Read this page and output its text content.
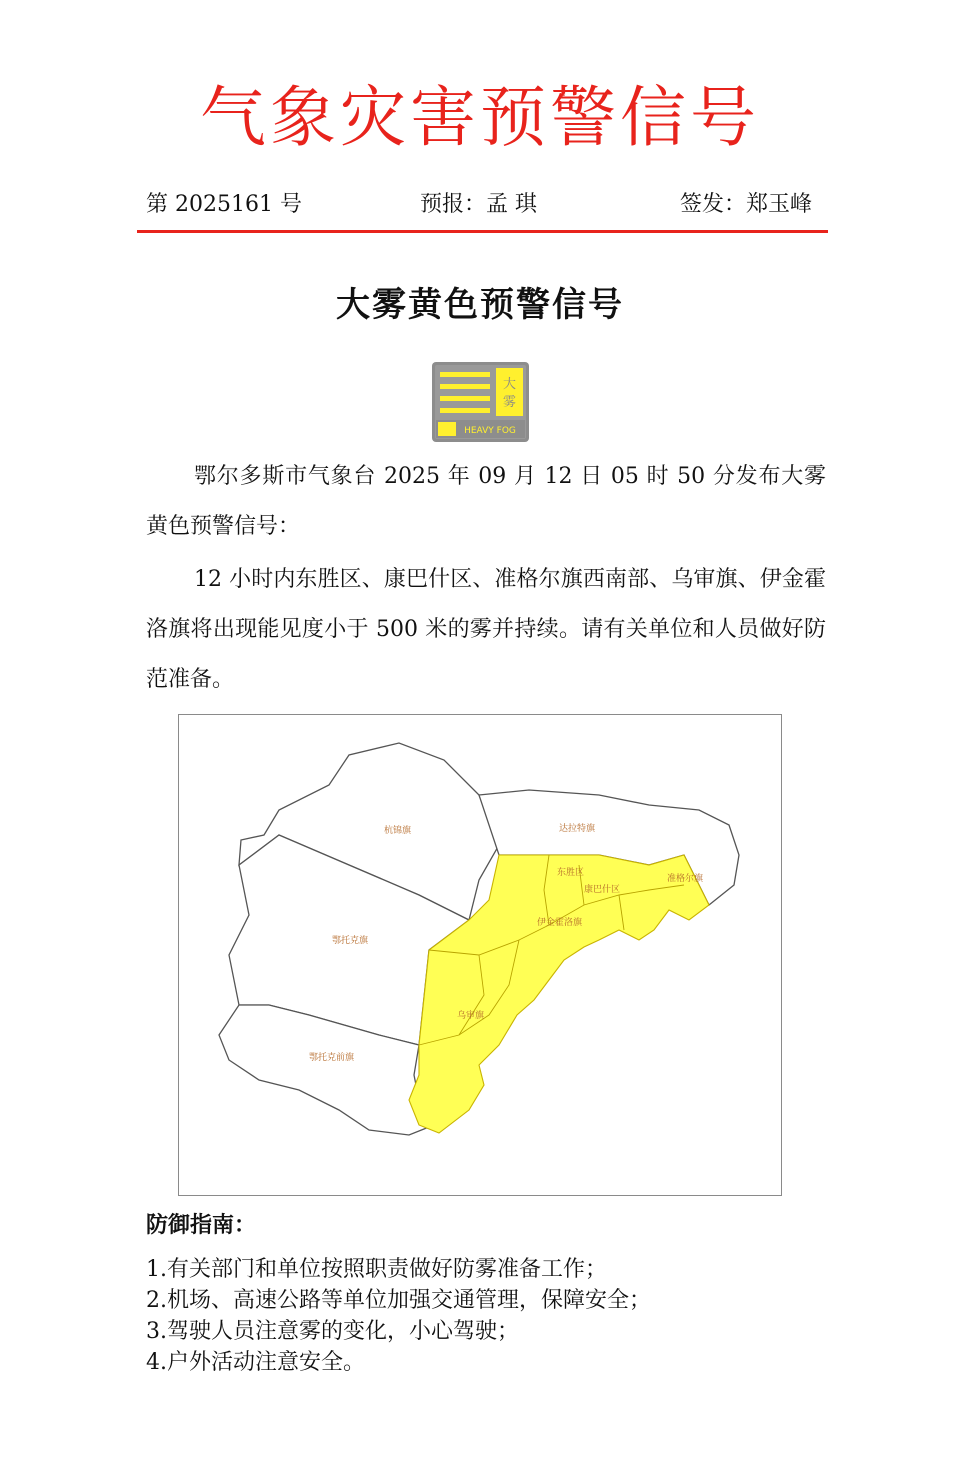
气象灾害预警信号
第 2025161 号	预报：孟 琪	签发：郑玉峰
大雾黄色预警信号
大
雾
HEAVY FOG

鄂尔多斯市气象台 2025 年 09 月 12 日 05 时 50 分发布大雾黄色预警信号：

12 小时内东胜区、康巴什区、准格尔旗西南部、乌审旗、伊金霍洛旗将出现能见度小于 500 米的雾并持续。请有关单位和人员做好防范准备。

杭锦旗	达拉特旗
鄂托克旗
鄂托克前旗
乌审旗
东胜区
康巴什区
伊金霍洛旗
准格尔旗
防御指南：
1.有关部门和单位按照职责做好防雾准备工作；
2.机场、高速公路等单位加强交通管理，保障安全；
3.驾驶人员注意雾的变化，小心驾驶；
4.户外活动注意安全。
